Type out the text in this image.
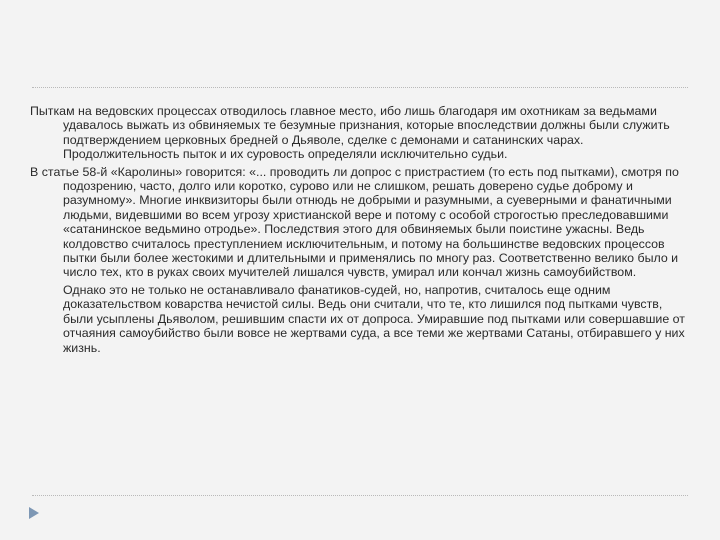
Пыткам на ведовских процессах отводилось главное место, ибо лишь благодаря им охотникам за ведьмами удавалось выжать из обвиняемых те безумные признания, которые впоследствии должны были служить подтверждением церковных бредней о Дьяволе, сделке с демонами и сатанинских чарах. Продолжительность пыток и их суровость определяли исключительно судьи.

В статье 58-й «Каролины» говорится: «... проводить ли допрос с пристрастием (то есть под пытками), смотря по подозрению, часто, долго или коротко, сурово или не слишком, решать доверено судье доброму и разумному». Многие инквизиторы были отнюдь не добрыми и разумными, а суеверными и фанатичными людьми, видевшими во всем угрозу христианской вере и потому с особой строгостью преследовавшими «сатанинское ведьмино отродье». Последствия этого для обвиняемых были поистине ужасны. Ведь колдовство считалось преступлением исключительным, и потому на большинстве ведовских процессов пытки были более жестокими и длительными и применялись по многу раз. Соответственно велико было и число тех, кто в руках своих мучителей лишался чувств, умирал или кончал жизнь самоубийством.

Однако это не только не останавливало фанатиков-судей, но, напротив, считалось еще одним доказательством коварства нечистой силы. Ведь они считали, что те, кто лишился под пытками чувств, были усыплены Дьяволом, решившим спасти их от допроса. Умиравшие под пытками или совершавшие от отчаяния самоубийство были вовсе не жертвами суда, а все теми же жертвами Сатаны, отбиравшего у них жизнь.
